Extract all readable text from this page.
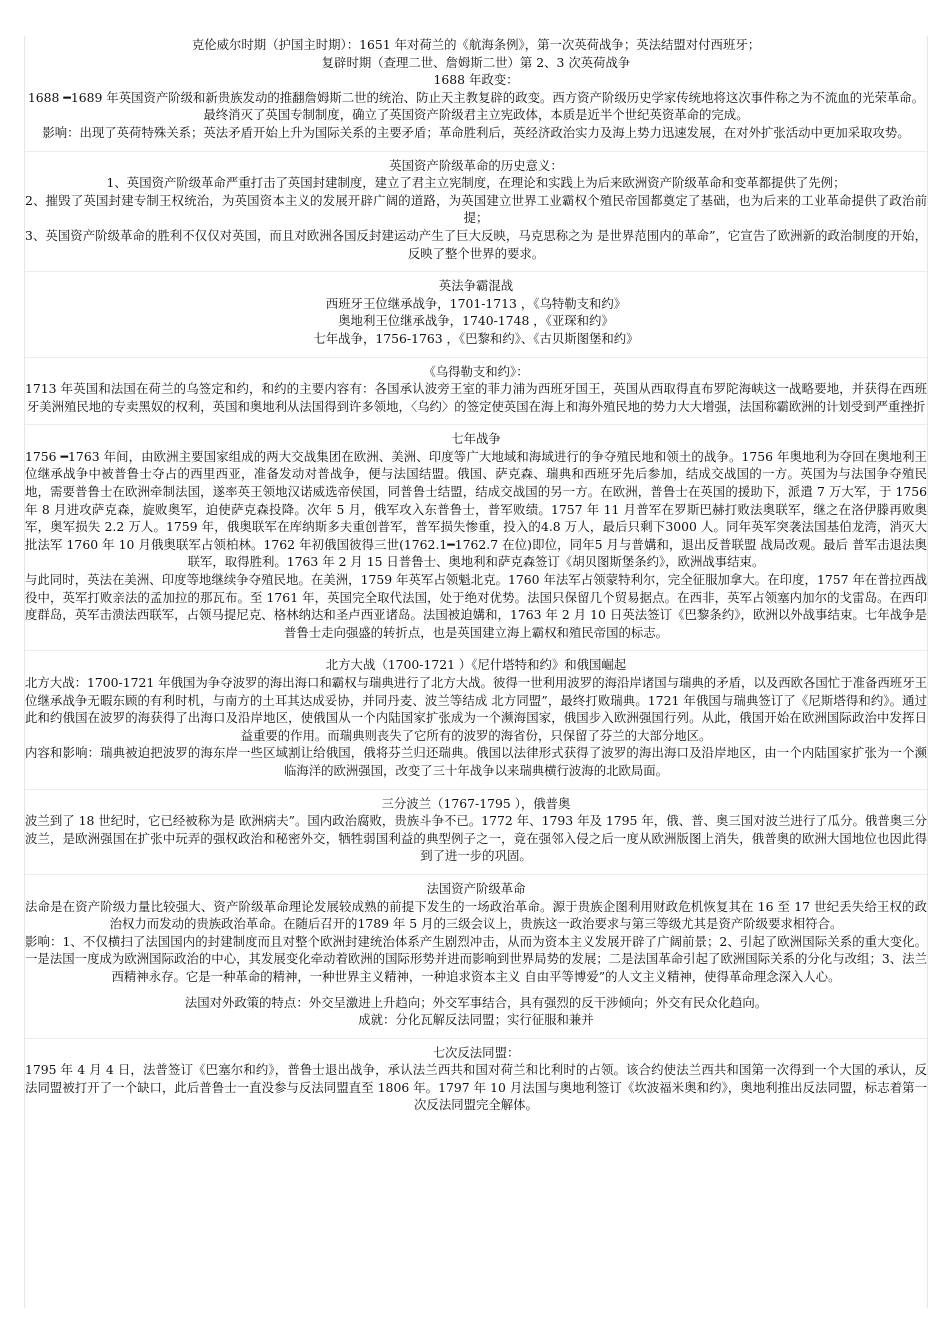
克伦威尔时期（护国主时期）：1651 年对荷兰的《航海条例》，第一次英荷战争；英法结盟对付西班牙；
复辟时期（查理二世、詹姆斯二世）第 2、3 次英荷战争
1688 年政变：
1688 ━1689 年英国资产阶级和新贵族发动的推翻詹姆斯二世的统治、防止天主教复辟的政变。西方资产阶级历史学家传统地将这次事件称之为不流血的光荣革命。
最终消灭了英国专制制度，确立了英国资产阶级君主立宪政体，本质是近半个世纪英资革命的完成。
影响：出现了英荷特殊关系；英法矛盾开始上升为国际关系的主要矛盾；革命胜利后，英经济政治实力及海上势力迅速发展，在对外扩张活动中更加采取攻势。
英国资产阶级革命的历史意义：
1、英国资产阶级革命严重打击了英国封建制度，建立了君主立宪制度，在理论和实践上为后来欧洲资产阶级革命和变革都提供了先例；
2、摧毁了英国封建专制王权统治，为英国资本主义的发展开辟广阔的道路，为英国建立世界工业霸权个殖民帝国都奠定了基础，也为后来的工业革命提供了政治前提；
3、英国资产阶级革命的胜利不仅仅对英国，而且对欧洲各国反封建运动产生了巨大反映，马克思称之为 是世界范围内的革命”，它宣告了欧洲新的政治制度的开始，反映了整个世界的要求。
英法争霸混战
西班牙王位继承战争，1701-1713 ，《乌特勒支和约》
奥地利王位继承战争，1740-1748 ，《亚琛和约》
七年战争，1756-1763 ，《巴黎和约》、《古贝斯图堡和约》
《乌得勒支和约》：
1713 年英国和法国在荷兰的乌签定和约，和约的主要内容有：各国承认波旁王室的菲力浦为西班牙国王，英国从西取得直布罗陀海峡这一战略要地，并获得在西班牙美洲殖民地的专卖黑奴的权利，英国和奥地利从法国得到许多领地，〈乌约〉的签定使英国在海上和海外殖民地的势力大大增强，法国称霸欧洲的计划受到严重挫折
七年战争
1756 ━1763 年间，由欧洲主要国家组成的两大交战集团在欧洲、美洲、印度等广大地域和海域进行的争夺殖民地和领土的战争。1756 年奥地利为夺回在奥地利王位继承战争中被普鲁士夺占的西里西亚，准备发动对普战争，便与法国结盟。俄国、萨克森、瑞典和西班牙先后参加，结成交战国的一方。英国为与法国争夺殖民地，需要普鲁士在欧洲牵制法国，遂率英王领地汉诺威选帝侯国，同普鲁士结盟，结成交战国的另一方。在欧洲，普鲁士在英国的援助下，派遣 7 万大军，于 1756 年 8 月进攻萨克森，旋败奥军，迫使萨克森投降。次年 5 月，俄军攻入东普鲁士，普军败绩。1757 年 11 月普军在罗斯巴赫打败法奥联军，继之在洛伊滕再败奥军，奥军损失 2.2 万人。1759 年，俄奥联军在库纳斯多夫重创普军，普军损失惨重，投入的4.8 万人，最后只剩下3000 人。同年英军突袭法国基伯龙湾，消灭大批法军 1760 年 10 月俄奥联军占领柏林。1762 年初俄国彼得三世(1762.1━1762.7 在位)即位，同年5 月与普媾和，退出反普联盟 战局改观。最后 普军击退法奥联军，取得胜利。1763 年 2 月 15 日普鲁士、奥地利和萨克森签订《胡贝图斯堡条约》，欧洲战事结束。
与此同时，英法在美洲、印度等地继续争夺殖民地。在美洲，1759 年英军占领魁北克。1760 年法军占领蒙特利尔，完全征服加拿大。在印度，1757 年在普拉西战役中，英军打败亲法的孟加拉的那瓦布。至 1761 年，英国完全取代法国，处于绝对优势。法国只保留几个贸易据点。在西非，英军占领塞内加尔的戈雷岛。在西印度群岛，英军击溃法西联军，占领马提尼克、格林纳达和圣卢西亚诸岛。法国被迫媾和，1763 年 2 月 10 日英法签订《巴黎条约》，欧洲以外战事结束。七年战争是普鲁士走向强盛的转折点，也是英国建立海上霸权和殖民帝国的标志。
北方大战（1700-1721 ）《尼什塔特和约》和俄国崛起
北方大战：1700-1721 年俄国为争夺波罗的海出海口和霸权与瑞典进行了北方大战。彼得一世利用波罗的海沿岸诸国与瑞典的矛盾，以及西欧各国忙于准备西班牙王位继承战争无暇东顾的有利时机，与南方的土耳其达成妥协，并同丹麦、波兰等结成 北方同盟”，最终打败瑞典。1721 年俄国与瑞典签订了《尼斯塔得和约》。通过此和约俄国在波罗的海获得了出海口及沿岸地区，使俄国从一个内陆国家扩张成为一个濒海国家，俄国步入欧洲强国行列。从此，俄国开始在欧洲国际政治中发挥日益重要的作用。而瑞典则丧失了它所有的波罗的海省份，只保留了芬兰的大部分地区。
内容和影响：瑞典被迫把波罗的海东岸一些区域割让给俄国，俄将芬兰归还瑞典。俄国以法律形式获得了波罗的海出海口及沿岸地区，由一个内陆国家扩张为一个濒临海洋的欧洲强国，改变了三十年战争以来瑞典横行波海的北欧局面。
三分波兰（1767-1795 ），俄普奥
波兰到了 18 世纪时，它已经被称为是 欧洲病夫”。国内政治腐败，贵族斗争不已。1772 年、1793 年及 1795 年，俄、普、奥三国对波兰进行了瓜分。俄普奥三分波兰，是欧洲强国在扩张中玩弄的强权政治和秘密外交，牺牲弱国利益的典型例子之一，竟在强邻入侵之后一度从欧洲版图上消失，俄普奥的欧洲大国地位也因此得到了进一步的巩固。
法国资产阶级革命
法命是在资产阶级力量比较强大、资产阶级革命理论发展较成熟的前提下发生的一场政治革命。源于贵族企图利用财政危机恢复其在 16 至 17 世纪丢失给王权的政治权力而发动的贵族政治革命。在随后召开的1789 年 5 月的三级会议上，贵族这一政治要求与第三等级尤其是资产阶级要求相符合。
影响：1、不仅横扫了法国国内的封建制度而且对整个欧洲封建统治体系产生剧烈冲击，从而为资本主义发展开辟了广阔前景；2、引起了欧洲国际关系的重大变化。一是法国一度成为欧洲国际政治的中心，其发展变化牵动着欧洲的国际形势并进而影响到世界局势的发展；二是法国革命引起了欧洲国际关系的分化与改组；3、法兰西精神永存。它是一种革命的精神，一种世界主义精神，一种追求资本主义 自由平等博爱”的人文主义精神，使得革命理念深入人心。
法国对外政策的特点：外交呈激进上升趋向；外交军事结合，具有强烈的反干涉倾向；外交有民众化趋向。
成就：分化瓦解反法同盟；实行征服和兼并
七次反法同盟：
1795 年 4 月 4 日，法普签订《巴塞尔和约》，普鲁士退出战争，承认法兰西共和国对荷兰和比利时的占领。该合约使法兰西共和国第一次得到一个大国的承认，反法同盟被打开了一个缺口，此后普鲁士一直没参与反法同盟直至 1806 年。1797 年 10 月法国与奥地利签订《坎波福米奥和约》，奥地利推出反法同盟，标志着第一次反法同盟完全解体。
